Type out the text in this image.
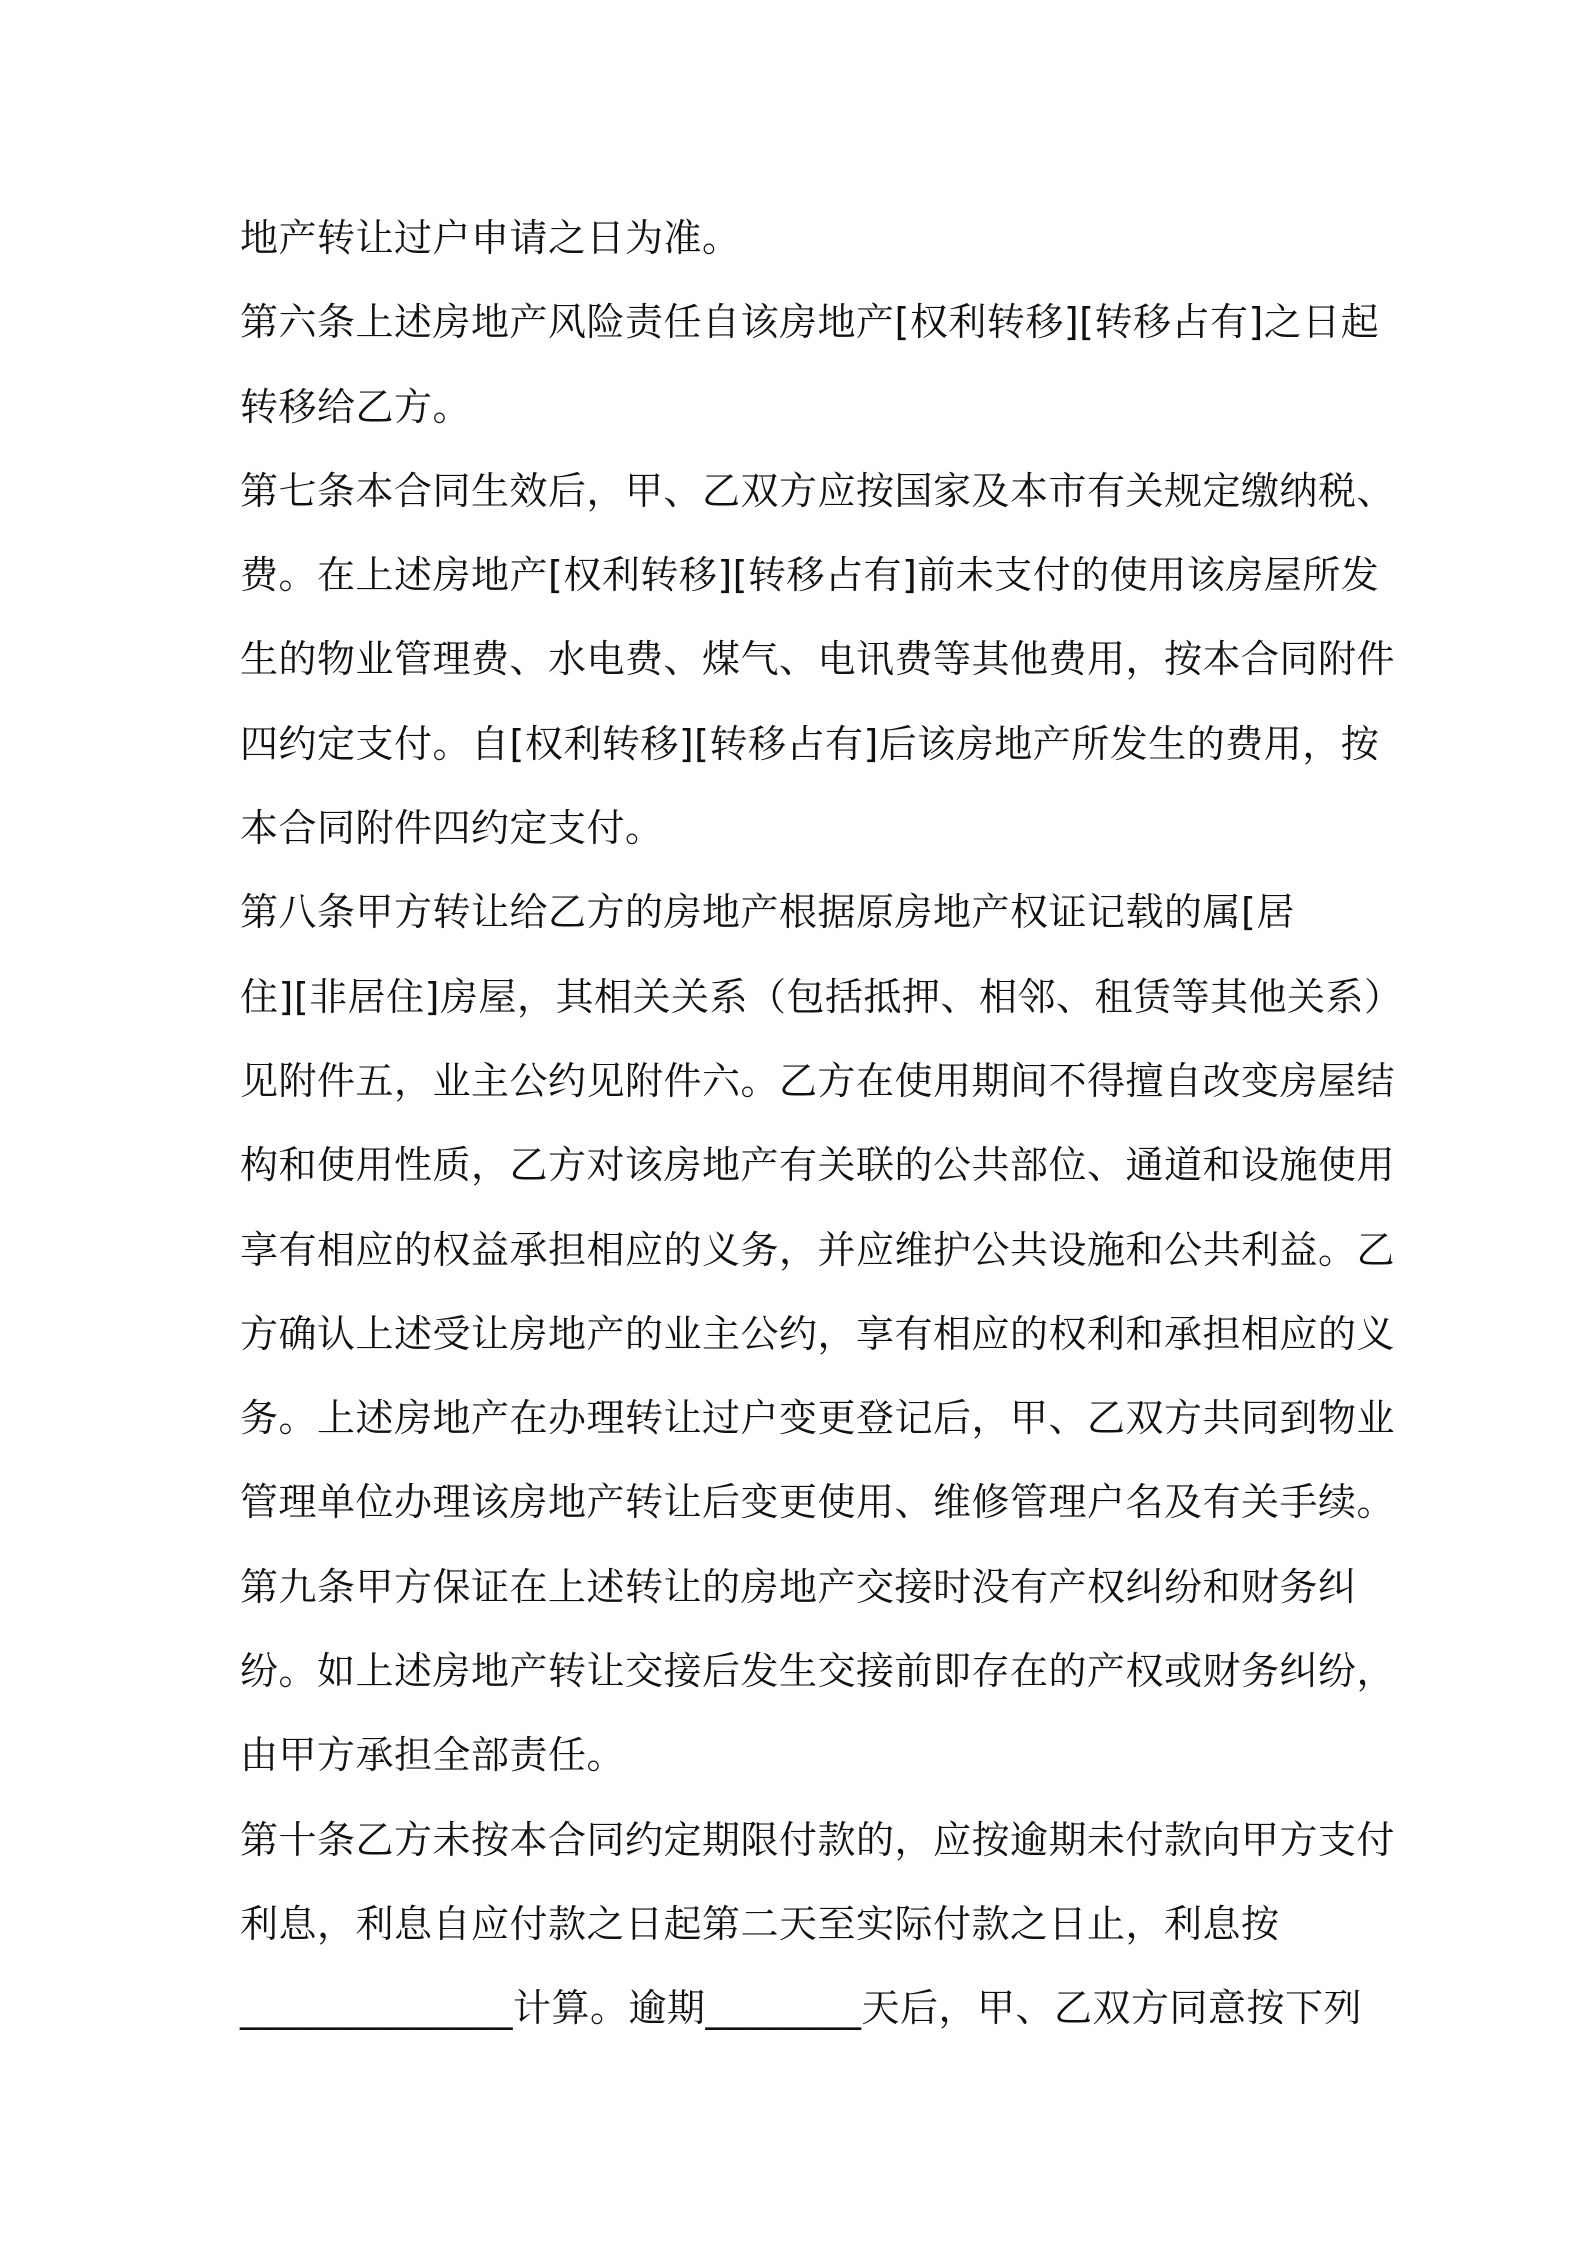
地产转让过户申请之日为准。
第六条上述房地产风险责任自该房地产[权利转移][转移占有]之日起
转移给乙方。
第七条本合同生效后，甲、乙双方应按国家及本市有关规定缴纳税、
费。在上述房地产[权利转移][转移占有]前未支付的使用该房屋所发
生的物业管理费、水电费、煤气、电讯费等其他费用，按本合同附件
四约定支付。自[权利转移][转移占有]后该房地产所发生的费用，按
本合同附件四约定支付。
第八条甲方转让给乙方的房地产根据原房地产权证记载的属[居
住][非居住]房屋，其相关关系（包括抵押、相邻、租赁等其他关系）
见附件五，业主公约见附件六。乙方在使用期间不得擅自改变房屋结
构和使用性质，乙方对该房地产有关联的公共部位、通道和设施使用
享有相应的权益承担相应的义务，并应维护公共设施和公共利益。乙
方确认上述受让房地产的业主公约，享有相应的权利和承担相应的义
务。上述房地产在办理转让过户变更登记后，甲、乙双方共同到物业
管理单位办理该房地产转让后变更使用、维修管理户名及有关手续。
第九条甲方保证在上述转让的房地产交接时没有产权纠纷和财务纠
纷。如上述房地产转让交接后发生交接前即存在的产权或财务纠纷，
由甲方承担全部责任。
第十条乙方未按本合同约定期限付款的，应按逾期未付款向甲方支付
利息，利息自应付款之日起第二天至实际付款之日止，利息按
______________计算。逾期________天后，甲、乙双方同意按下列
